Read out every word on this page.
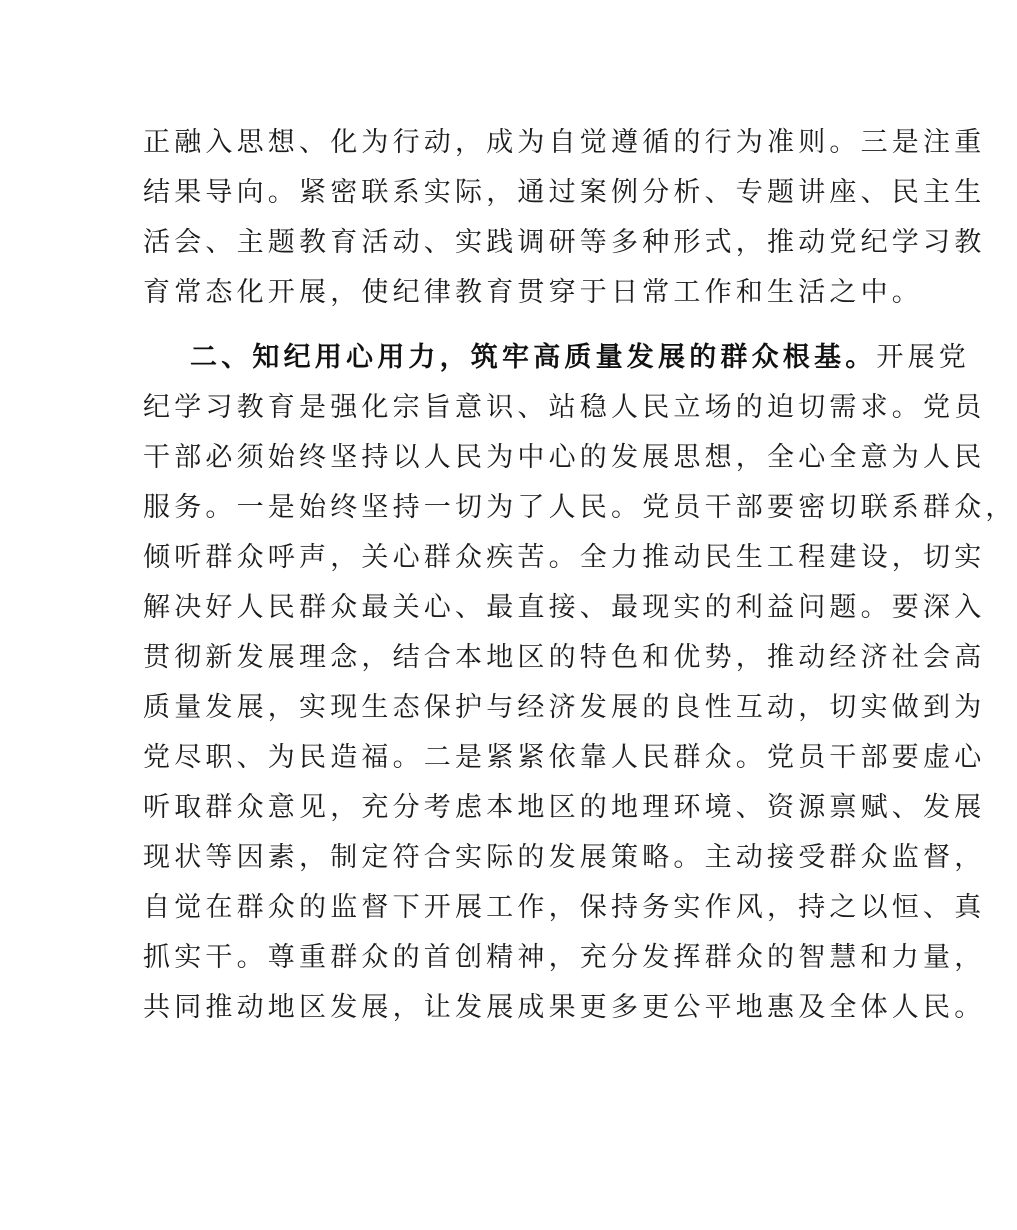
正融入思想、化为行动，成为自觉遵循的行为准则。三是注重
结果导向。紧密联系实际，通过案例分析、专题讲座、民主生
活会、主题教育活动、实践调研等多种形式，推动党纪学习教
育常态化开展，使纪律教育贯穿于日常工作和生活之中。
二、知纪用心用力，筑牢高质量发展的群众根基。开展党
纪学习教育是强化宗旨意识、站稳人民立场的迫切需求。党员
干部必须始终坚持以人民为中心的发展思想，全心全意为人民
服务。一是始终坚持一切为了人民。党员干部要密切联系群众，
倾听群众呼声，关心群众疾苦。全力推动民生工程建设，切实
解决好人民群众最关心、最直接、最现实的利益问题。要深入
贯彻新发展理念，结合本地区的特色和优势，推动经济社会高
质量发展，实现生态保护与经济发展的良性互动，切实做到为
党尽职、为民造福。二是紧紧依靠人民群众。党员干部要虚心
听取群众意见，充分考虑本地区的地理环境、资源禀赋、发展
现状等因素，制定符合实际的发展策略。主动接受群众监督，
自觉在群众的监督下开展工作，保持务实作风，持之以恒、真
抓实干。尊重群众的首创精神，充分发挥群众的智慧和力量，
共同推动地区发展，让发展成果更多更公平地惠及全体人民。
